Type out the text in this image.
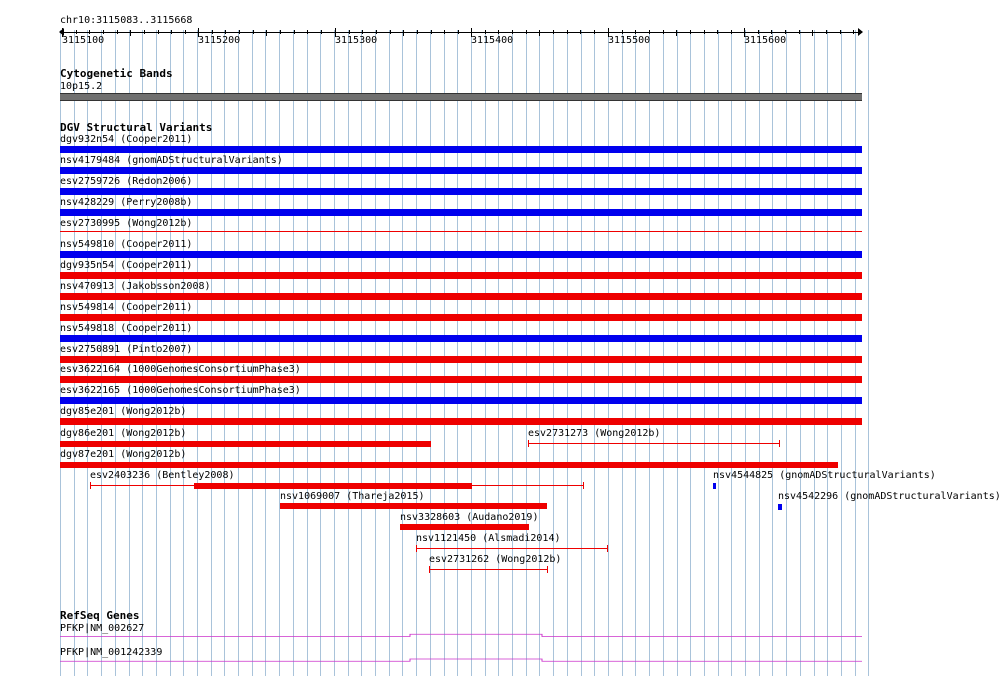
chr10:3115083..3115668
3115100	3115200	3115300	3115400	3115500	3115600
Cytogenetic Bands
10p15.2
DGV Structural Variants
dgv932n54 (Cooper2011)
nsv4179484 (gnomADStructuralVariants)
esv2759726 (Redon2006)
nsv428229 (Perry2008b)
esv2730995 (Wong2012b)
nsv549810 (Cooper2011)
dgv935n54 (Cooper2011)
nsv470913 (Jakobsson2008)
nsv549814 (Cooper2011)
nsv549818 (Cooper2011)
esv2750891 (Pinto2007)
esv3622164 (1000GenomesConsortiumPhase3)
esv3622165 (1000GenomesConsortiumPhase3)
dgv85e201 (Wong2012b)
dgv86e201 (Wong2012b)	esv2731273 (Wong2012b)
dgv87e201 (Wong2012b)
esv2403236 (Bentley2008)	nsv4544825 (gnomADStructuralVariants)
nsv1069007 (Thareja2015)	nsv4542296 (gnomADStructuralVariants)
nsv3328603 (Audano2019)
nsv1121450 (Alsmadi2014)
esv2731262 (Wong2012b)
RefSeq Genes
PFKP|NM_002627
PFKP|NM_001242339
